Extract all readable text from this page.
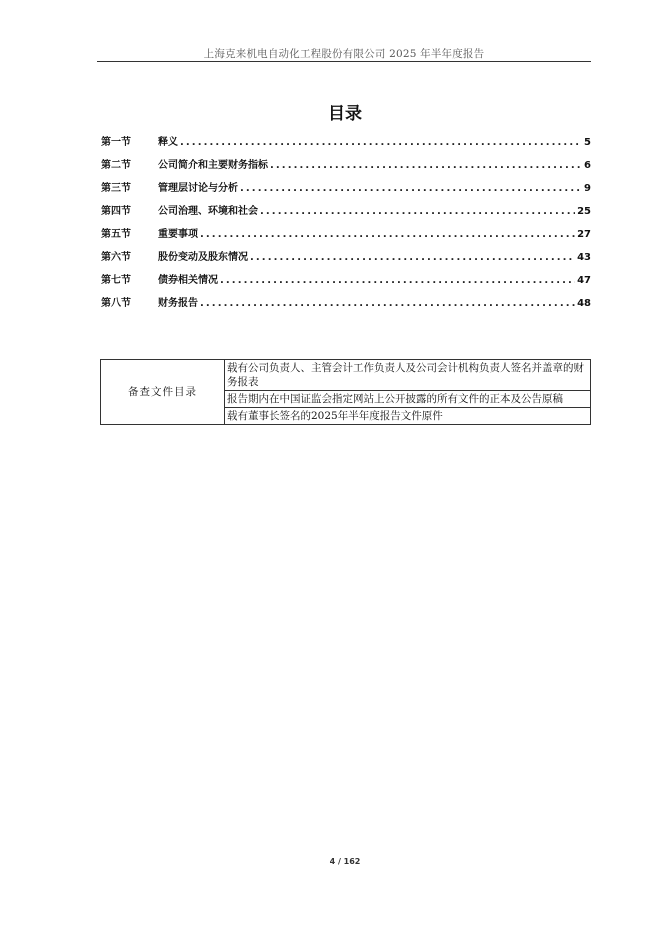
上海克来机电自动化工程股份有限公司 2025 年半年度报告
目录
第一节	释义 .....	5
第二节	公司简介和主要财务指标 .....	6
第三节	管理层讨论与分析 .....	9
第四节	公司治理、环境和社会 .....	25
第五节	重要事项 .....	27
第六节	股份变动及股东情况 .....	43
第七节	债券相关情况 .....	47
第八节	财务报告 .....	48
备查文件目录	载有公司负责人、主管会计工作负责人及公司会计机构负责人签名并盖章的财务报表
报告期内在中国证监会指定网站上公开披露的所有文件的正本及公告原稿
载有董事长签名的2025年半年度报告文件原件
4 / 162
